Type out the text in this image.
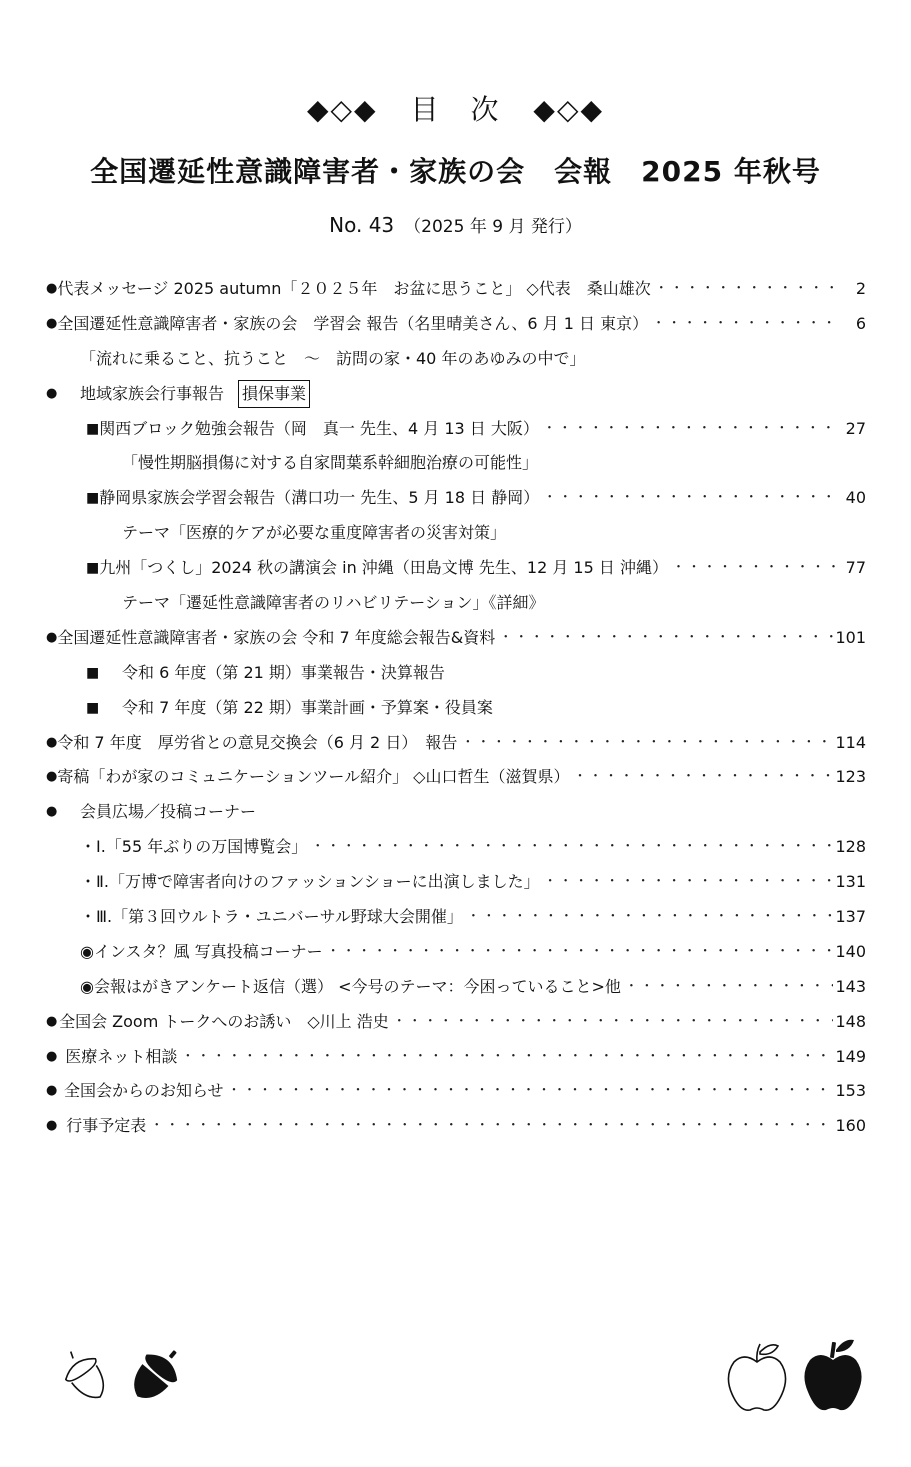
◆◇◆ 目　次 ◆◇◆
全国遷延性意識障害者・家族の会　会報　2025 年秋号
No. 43 （2025 年 9 月 発行）
● 代表メッセージ 2025 autumn「２０２５年　お盆に思うこと」 ◇代表　桑山雄次 ・・・・・・・・・・・・・・・・・・・・・・・・・・・・・・・・・・・・・・・・・・・・・・・・・・・・・・・・・・・・・・・・・・・・・・・・・・	2
● 全国遷延性意識障害者・家族の会　学習会 報告（名里晴美さん、6 月 1 日 東京） ・・・・・・・・・・・・・・・・・・・・・・・・・・・・・・・・・・・・・・・・・・・・・・・・・・・・・・・・・・・・・・・・・・・・・・・・・・	6
「流れに乗ること、抗うこと　～　訪問の家・40 年のあゆみの中で」
●	地域家族会行事報告 損保事業
■ 関西ブロック勉強会報告（岡　真一 先生、4 月 13 日 大阪） ・・・・・・・・・・・・・・・・・・・・・・・・・・・・・・・・・・・・・・・・・・・・・・・・・・・・・・・・・・・・・・・・・・・・・・・・・・	27
「慢性期脳損傷に対する自家間葉系幹細胞治療の可能性」
■ 静岡県家族会学習会報告（溝口功一 先生、5 月 18 日 静岡） ・・・・・・・・・・・・・・・・・・・・・・・・・・・・・・・・・・・・・・・・・・・・・・・・・・・・・・・・・・・・・・・・・・・・・・・・・・	40
テーマ「医療的ケアが必要な重度障害者の災害対策」
■ 九州「つくし」2024 秋の講演会 in 沖縄（田島文博 先生、12 月 15 日 沖縄） ・・・・・・・・・・・・・・・・・・・・・・・・・・・・・・・・・・・・・・・・・・・・・・・・・・・・・・・・・・・・・・・・・・・・・・・・・・	77
テーマ「遷延性意識障害者のリハビリテーション」《詳細》
● 全国遷延性意識障害者・家族の会 令和 7 年度総会報告&資料 ・・・・・・・・・・・・・・・・・・・・・・・・・・・・・・・・・・・・・・・・・・・・・・・・・・・・・・・・・・・・・・・・・・・・・・・・・・	101
■	令和 6 年度（第 21 期）事業報告・決算報告
■	令和 7 年度（第 22 期）事業計画・予算案・役員案
● 令和 7 年度　厚労省との意見交換会（6 月 2 日）　報告 ・・・・・・・・・・・・・・・・・・・・・・・・・・・・・・・・・・・・・・・・・・・・・・・・・・・・・・・・・・・・・・・・・・・・・・・・・・	114
● 寄稿「わが家のコミュニケーションツール紹介」 ◇山口哲生（滋賀県） ・・・・・・・・・・・・・・・・・・・・・・・・・・・・・・・・・・・・・・・・・・・・・・・・・・・・・・・・・・・・・・・・・・・・・・・・・・	123
●	会員広場／投稿コーナー
・Ⅰ.「55 年ぶりの万国博覧会」 ・・・・・・・・・・・・・・・・・・・・・・・・・・・・・・・・・・・・・・・・・・・・・・・・・・・・・・・・・・・・・・・・・・・・・・・・・・	128
・Ⅱ.「万博で障害者向けのファッションショーに出演しました」 ・・・・・・・・・・・・・・・・・・・・・・・・・・・・・・・・・・・・・・・・・・・・・・・・・・・・・・・・・・・・・・・・・・・・・・・・・・	131
・Ⅲ.「第３回ウルトラ・ユニバーサル野球大会開催」 ・・・・・・・・・・・・・・・・・・・・・・・・・・・・・・・・・・・・・・・・・・・・・・・・・・・・・・・・・・・・・・・・・・・・・・・・・・	137
◉インスタ？風 写真投稿コーナー ・・・・・・・・・・・・・・・・・・・・・・・・・・・・・・・・・・・・・・・・・・・・・・・・・・・・・・・・・・・・・・・・・・・・・・・・・・	140
◉会報はがきアンケート返信（選） <今号のテーマ：今困っていること>他 ・・・・・・・・・・・・・・・・・・・・・・・・・・・・・・・・・・・・・・・・・・・・・・・・・・・・・・・・・・・・・・・・・・・・・・・・・・	143
● 全国会 Zoom トークへのお誘い　◇川上 浩史 ・・・・・・・・・・・・・・・・・・・・・・・・・・・・・・・・・・・・・・・・・・・・・・・・・・・・・・・・・・・・・・・・・・・・・・・・・・	148
● 医療ネット相談 ・・・・・・・・・・・・・・・・・・・・・・・・・・・・・・・・・・・・・・・・・・・・・・・・・・・・・・・・・・・・・・・・・・・・・・・・・・	149
● 全国会からのお知らせ ・・・・・・・・・・・・・・・・・・・・・・・・・・・・・・・・・・・・・・・・・・・・・・・・・・・・・・・・・・・・・・・・・・・・・・・・・・	153
● 行事予定表 ・・・・・・・・・・・・・・・・・・・・・・・・・・・・・・・・・・・・・・・・・・・・・・・・・・・・・・・・・・・・・・・・・・・・・・・・・・	160
